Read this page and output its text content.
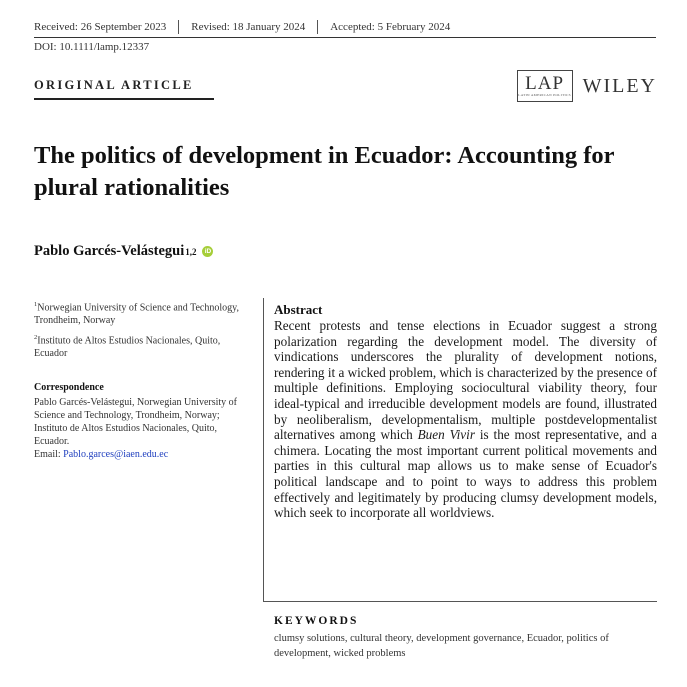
Received: 26 September 2023 Revised: 18 January 2024 Accepted: 5 February 2024
DOI: 10.1111/lamp.12337
ORIGINAL ARTICLE	LAP
LATIN AMERICAN POLITICS WILEY
The politics of development in Ecuador: Accounting for plural rationalities
Pablo Garcés-Velástegui 1,2	iD
$^1$Norwegian University of Science and Technology, Trondheim, Norway
$^2$Instituto de Altos Estudios Nacionales, Quito, Ecuador
Correspondence
Pablo Garcés-Velástegui, Norwegian University of Science and Technology, Trondheim, Norway; Instituto de Altos Estudios Nacionales, Quito, Ecuador.
Email: Pablo.garces@iaen.edu.ec
Abstract
Recent protests and tense elections in Ecuador suggest a strong polarization regarding the development model. The diversity of vindications underscores the plurality of development notions, rendering it a wicked problem, which is characterized by the presence of multiple definitions. Employing sociocultural viability theory, four ideal-typical and irreducible development models are found, illustrated by neoliberalism, developmentalism, multiple postdevelopmentalist alternatives among which Buen Vivir is the most representative, and a chimera. Locating the most important current political movements and parties in this cultural map allows us to make sense of Ecuador's political landscape and to point to ways to address this problem effectively and legitimately by producing clumsy development models, which seek to incorporate all worldviews.
KEYWORDS
clumsy solutions, cultural theory, development governance, Ecuador, politics of development, wicked problems
